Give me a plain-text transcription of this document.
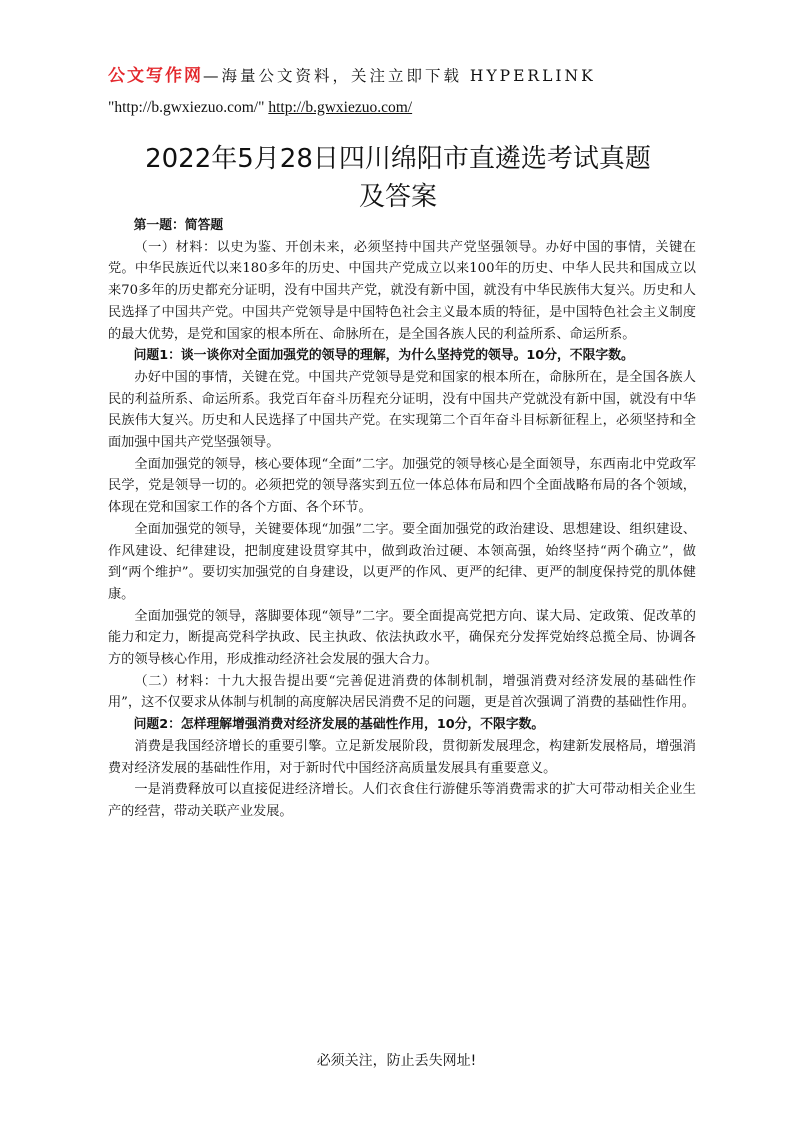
公文写作网—海量公文资料，关注立即下载 HYPERLINK
"http://b.gwxiezuo.com/" http://b.gwxiezuo.com/
2022年5月28日四川绵阳市直遴选考试真题
及答案

第一题：简答题

（一）材料：以史为鉴、开创未来，必须坚持中国共产党坚强领导。办好中国的事情，关键在党。中华民族近代以来180多年的历史、中国共产党成立以来100年的历史、中华人民共和国成立以来70多年的历史都充分证明，没有中国共产党，就没有新中国，就没有中华民族伟大复兴。历史和人民选择了中国共产党。中国共产党领导是中国特色社会主义最本质的特征，是中国特色社会主义制度的最大优势，是党和国家的根本所在、命脉所在，是全国各族人民的利益所系、命运所系。

问题1：谈一谈你对全面加强党的领导的理解，为什么坚持党的领导。10分，不限字数。

办好中国的事情，关键在党。中国共产党领导是党和国家的根本所在，命脉所在，是全国各族人民的利益所系、命运所系。我党百年奋斗历程充分证明，没有中国共产党就没有新中国，就没有中华民族伟大复兴。历史和人民选择了中国共产党。在实现第二个百年奋斗目标新征程上，必须坚持和全面加强中国共产党坚强领导。

全面加强党的领导，核心要体现“全面”二字。加强党的领导核心是全面领导，东西南北中党政军民学，党是领导一切的。必须把党的领导落实到五位一体总体布局和四个全面战略布局的各个领域，体现在党和国家工作的各个方面、各个环节。

全面加强党的领导，关键要体现“加强”二字。要全面加强党的政治建设、思想建设、组织建设、作风建设、纪律建设，把制度建设贯穿其中，做到政治过硬、本领高强，始终坚持“两个确立”，做到“两个维护”。要切实加强党的自身建设，以更严的作风、更严的纪律、更严的制度保持党的肌体健康。

全面加强党的领导，落脚要体现“领导”二字。要全面提高党把方向、谋大局、定政策、促改革的能力和定力，断提高党科学执政、民主执政、依法执政水平，确保充分发挥党始终总揽全局、协调各方的领导核心作用，形成推动经济社会发展的强大合力。

（二）材料：十九大报告提出要“完善促进消费的体制机制，增强消费对经济发展的基础性作用”，这不仅要求从体制与机制的高度解决居民消费不足的问题，更是首次强调了消费的基础性作用。

问题2：怎样理解增强消费对经济发展的基础性作用，10分，不限字数。

消费是我国经济增长的重要引擎。立足新发展阶段，贯彻新发展理念，构建新发展格局，增强消费对经济发展的基础性作用，对于新时代中国经济高质量发展具有重要意义。

一是消费释放可以直接促进经济增长。人们衣食住行游健乐等消费需求的扩大可带动相关企业生产的经营，带动关联产业发展。

必须关注，防止丢失网址!
